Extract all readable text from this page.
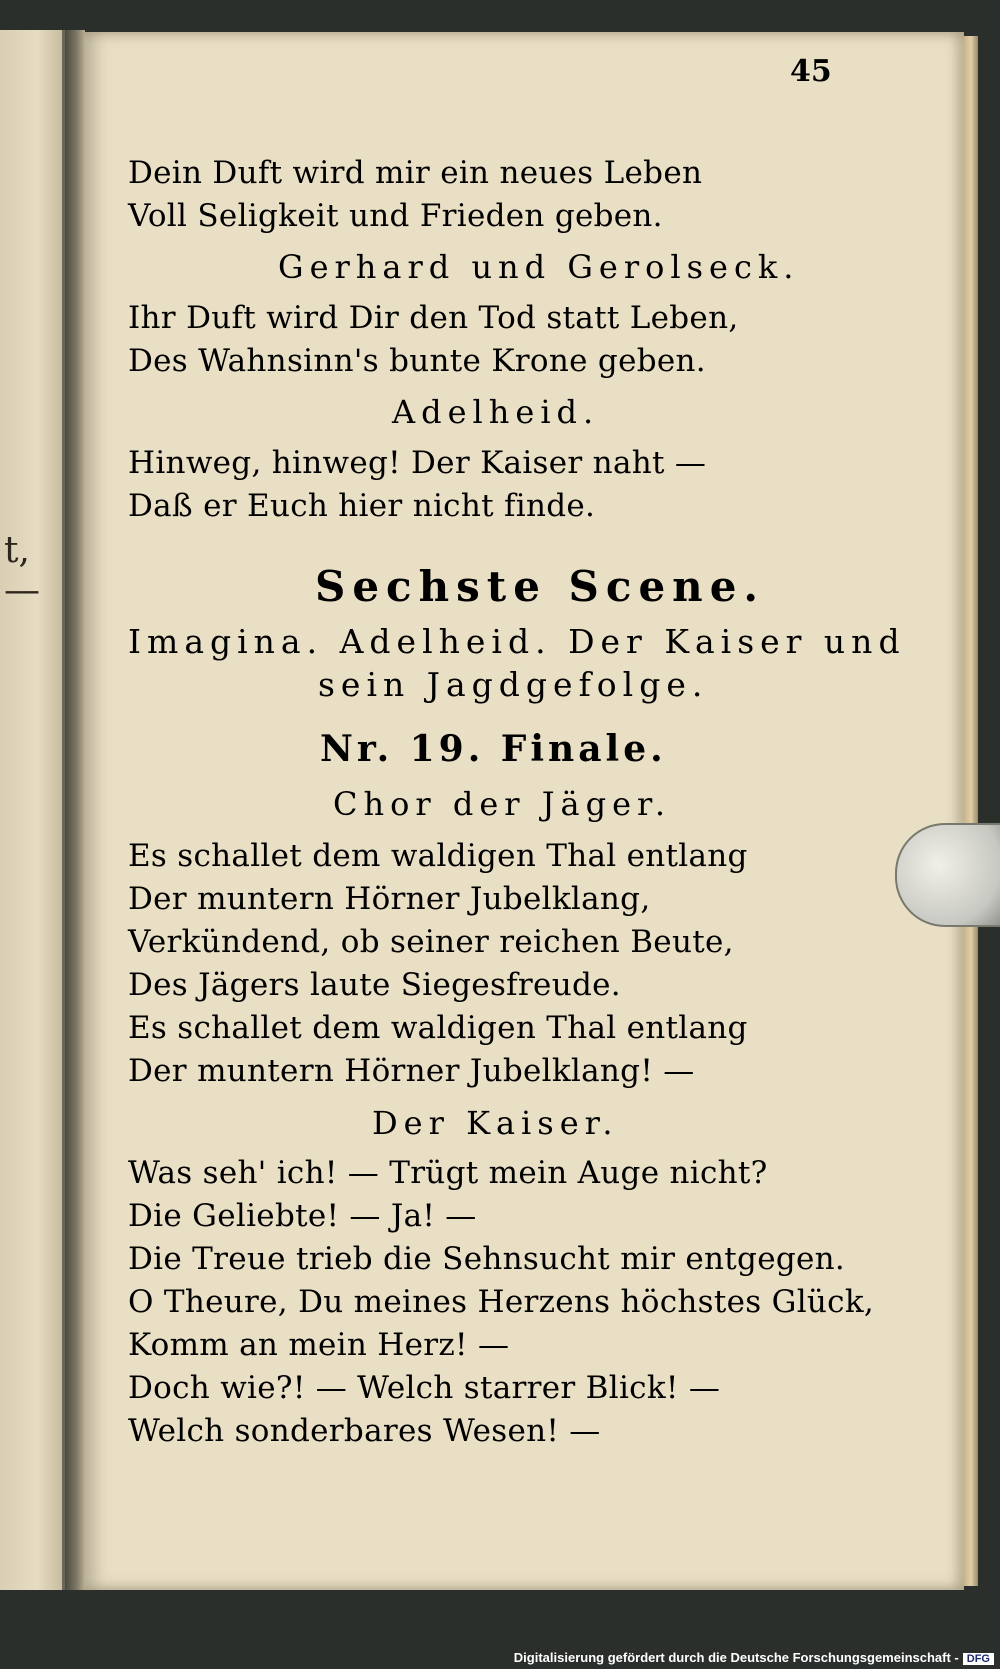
t,
—
45
Dein Duft wird mir ein neues Leben
Voll Seligkeit und Frieden geben.
Gerhard und Gerolseck.
Ihr Duft wird Dir den Tod statt Leben,
Des Wahnsinn's bunte Krone geben.
Adelheid.
Hinweg, hinweg! Der Kaiser naht —
Daß er Euch hier nicht finde.
Sechste Scene.
Imagina. Adelheid. Der Kaiser und
sein Jagdgefolge.
Nr. 19. Finale.
Chor der Jäger.
Es schallet dem waldigen Thal entlang
Der muntern Hörner Jubelklang,
Verkündend, ob seiner reichen Beute,
Des Jägers laute Siegesfreude.
Es schallet dem waldigen Thal entlang
Der muntern Hörner Jubelklang! —
Der Kaiser.
Was seh' ich! — Trügt mein Auge nicht?
Die Geliebte! — Ja! —
Die Treue trieb die Sehnsucht mir entgegen.
O Theure, Du meines Herzens höchstes Glück,
Komm an mein Herz! —
Doch wie?! — Welch starrer Blick! —
Welch sonderbares Wesen! —
Digitalisierung gefördert durch die Deutsche Forschungsgemeinschaft - DFG
